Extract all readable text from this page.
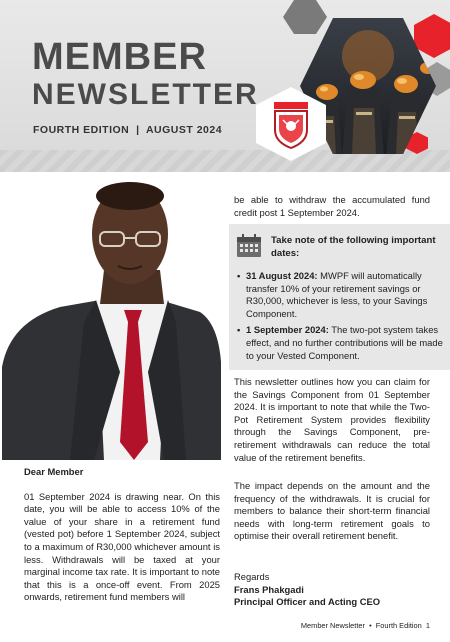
MEMBER
NEWSLETTER
FOURTH EDITION  |  AUGUST 2024
Dear Member

01 September 2024 is drawing near. On this date, you will be able to access 10% of the value of your share in a retirement fund (vested pot) before 1 September 2024, subject to a maximum of R30,000 whichever amount is less. Withdrawals will be taxed at your marginal income tax rate. It is important to note that this is a once-off event. From 2025 onwards, retirement fund members will

be able to withdraw the accumulated fund credit post 1 September 2024.
Take note of the following important dates:
• 31 August 2024: MWPF will automatically transfer 10% of your retirement savings or R30,000, whichever is less, to your Savings Component.
• 1 September 2024: The two-pot system takes effect, and no further contributions will be made to your Vested Component.
This newsletter outlines how you can claim for the Savings Component from 01 September 2024. It is important to note that while the Two-Pot Retirement System provides flexibility through the Savings Component, pre-retirement withdrawals can reduce the total value of the retirement benefits.
The impact depends on the amount and the frequency of the withdrawals. It is crucial for members to balance their short-term financial needs with long-term retirement goals to optimise their overall retirement benefit.
Regards
Frans Phakgadi
Principal Officer and Acting CEO
Member Newsletter  •  Fourth Edition  1
